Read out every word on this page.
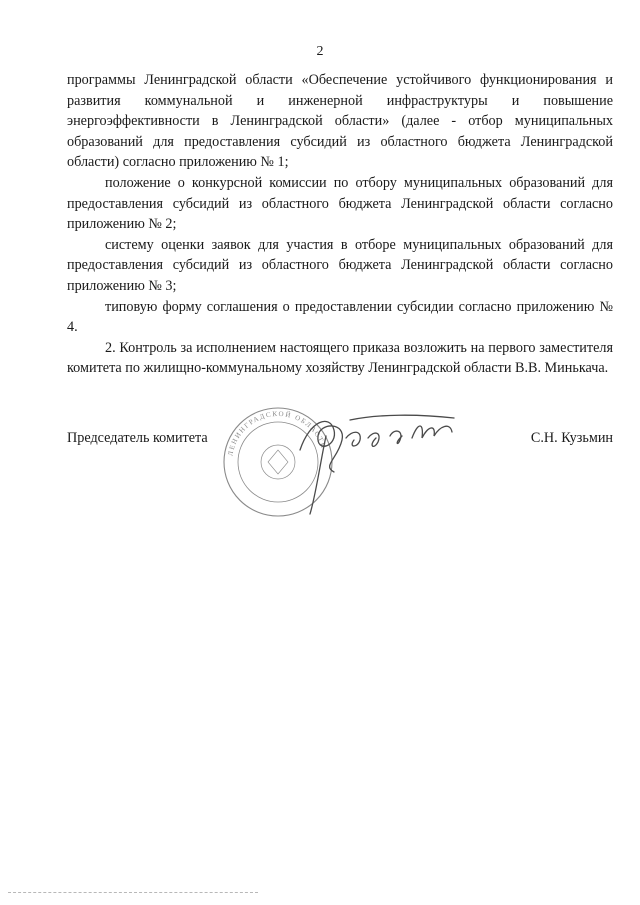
2

программы Ленинградской области «Обеспечение устойчивого функционирования и развития коммунальной и инженерной инфраструктуры и повышение энергоэффективности в Ленинградской области» (далее - отбор муниципальных образований для предоставления субсидий из областного бюджета Ленинградской области) согласно приложению № 1;

положение о конкурсной комиссии по отбору муниципальных образований для предоставления субсидий из областного бюджета Ленинградской области согласно приложению № 2;

систему оценки заявок для участия в отборе муниципальных образований для предоставления субсидий из областного бюджета Ленинградской области согласно приложению № 3;

типовую форму соглашения о предоставлении субсидии согласно приложению № 4.

2. Контроль за исполнением настоящего приказа возложить на первого заместителя комитета по жилищно-коммунальному хозяйству Ленинградской области В.В. Минькача.

Председатель комитета	С.Н. Кузьмин
ЛЕНИНГРАДСКОЙ ОБЛАСТИ
